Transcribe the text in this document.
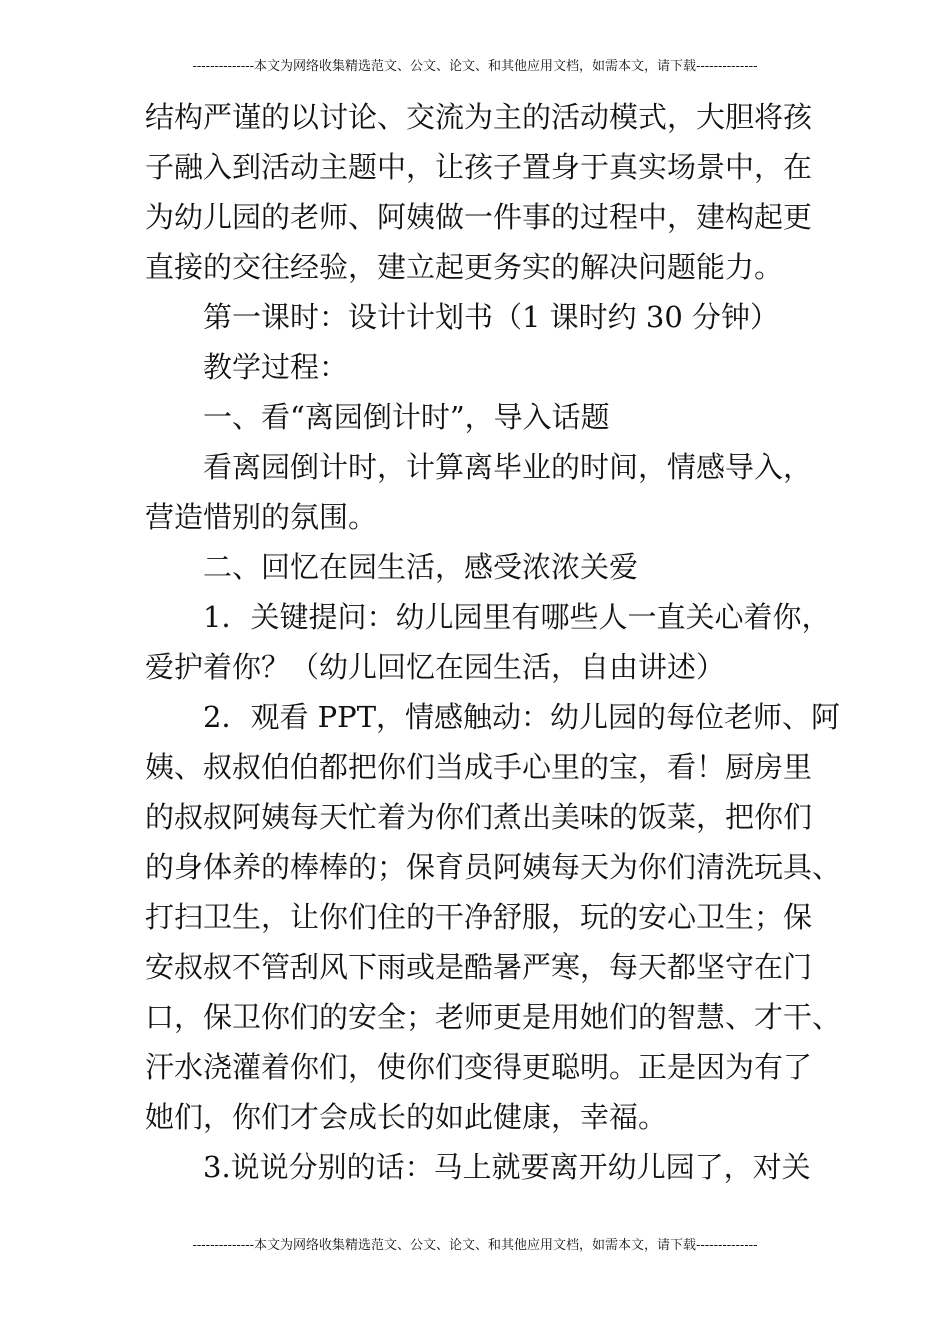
--------------本文为网络收集精选范文、公文、论文、和其他应用文档，如需本文，请下载--------------
结构严谨的以讨论、交流为主的活动模式，大胆将孩
子融入到活动主题中，让孩子置身于真实场景中，在
为幼儿园的老师、阿姨做一件事的过程中，建构起更
直接的交往经验，建立起更务实的解决问题能力。
第一课时：设计计划书（1 课时约 30 分钟）
教学过程：
一、看“离园倒计时”，导入话题
看离园倒计时，计算离毕业的时间，情感导入，
营造惜别的氛围。
二、回忆在园生活，感受浓浓关爱
1．关键提问：幼儿园里有哪些人一直关心着你，
爱护着你？（幼儿回忆在园生活，自由讲述）
2．观看 PPT，情感触动：幼儿园的每位老师、阿
姨、叔叔伯伯都把你们当成手心里的宝，看！厨房里
的叔叔阿姨每天忙着为你们煮出美味的饭菜，把你们
的身体养的棒棒的；保育员阿姨每天为你们清洗玩具、
打扫卫生，让你们住的干净舒服，玩的安心卫生；保
安叔叔不管刮风下雨或是酷暑严寒，每天都坚守在门
口，保卫你们的安全；老师更是用她们的智慧、才干、
汗水浇灌着你们，使你们变得更聪明。正是因为有了
她们，你们才会成长的如此健康，幸福。
3.说说分别的话：马上就要离开幼儿园了，对关
--------------本文为网络收集精选范文、公文、论文、和其他应用文档，如需本文，请下载--------------
